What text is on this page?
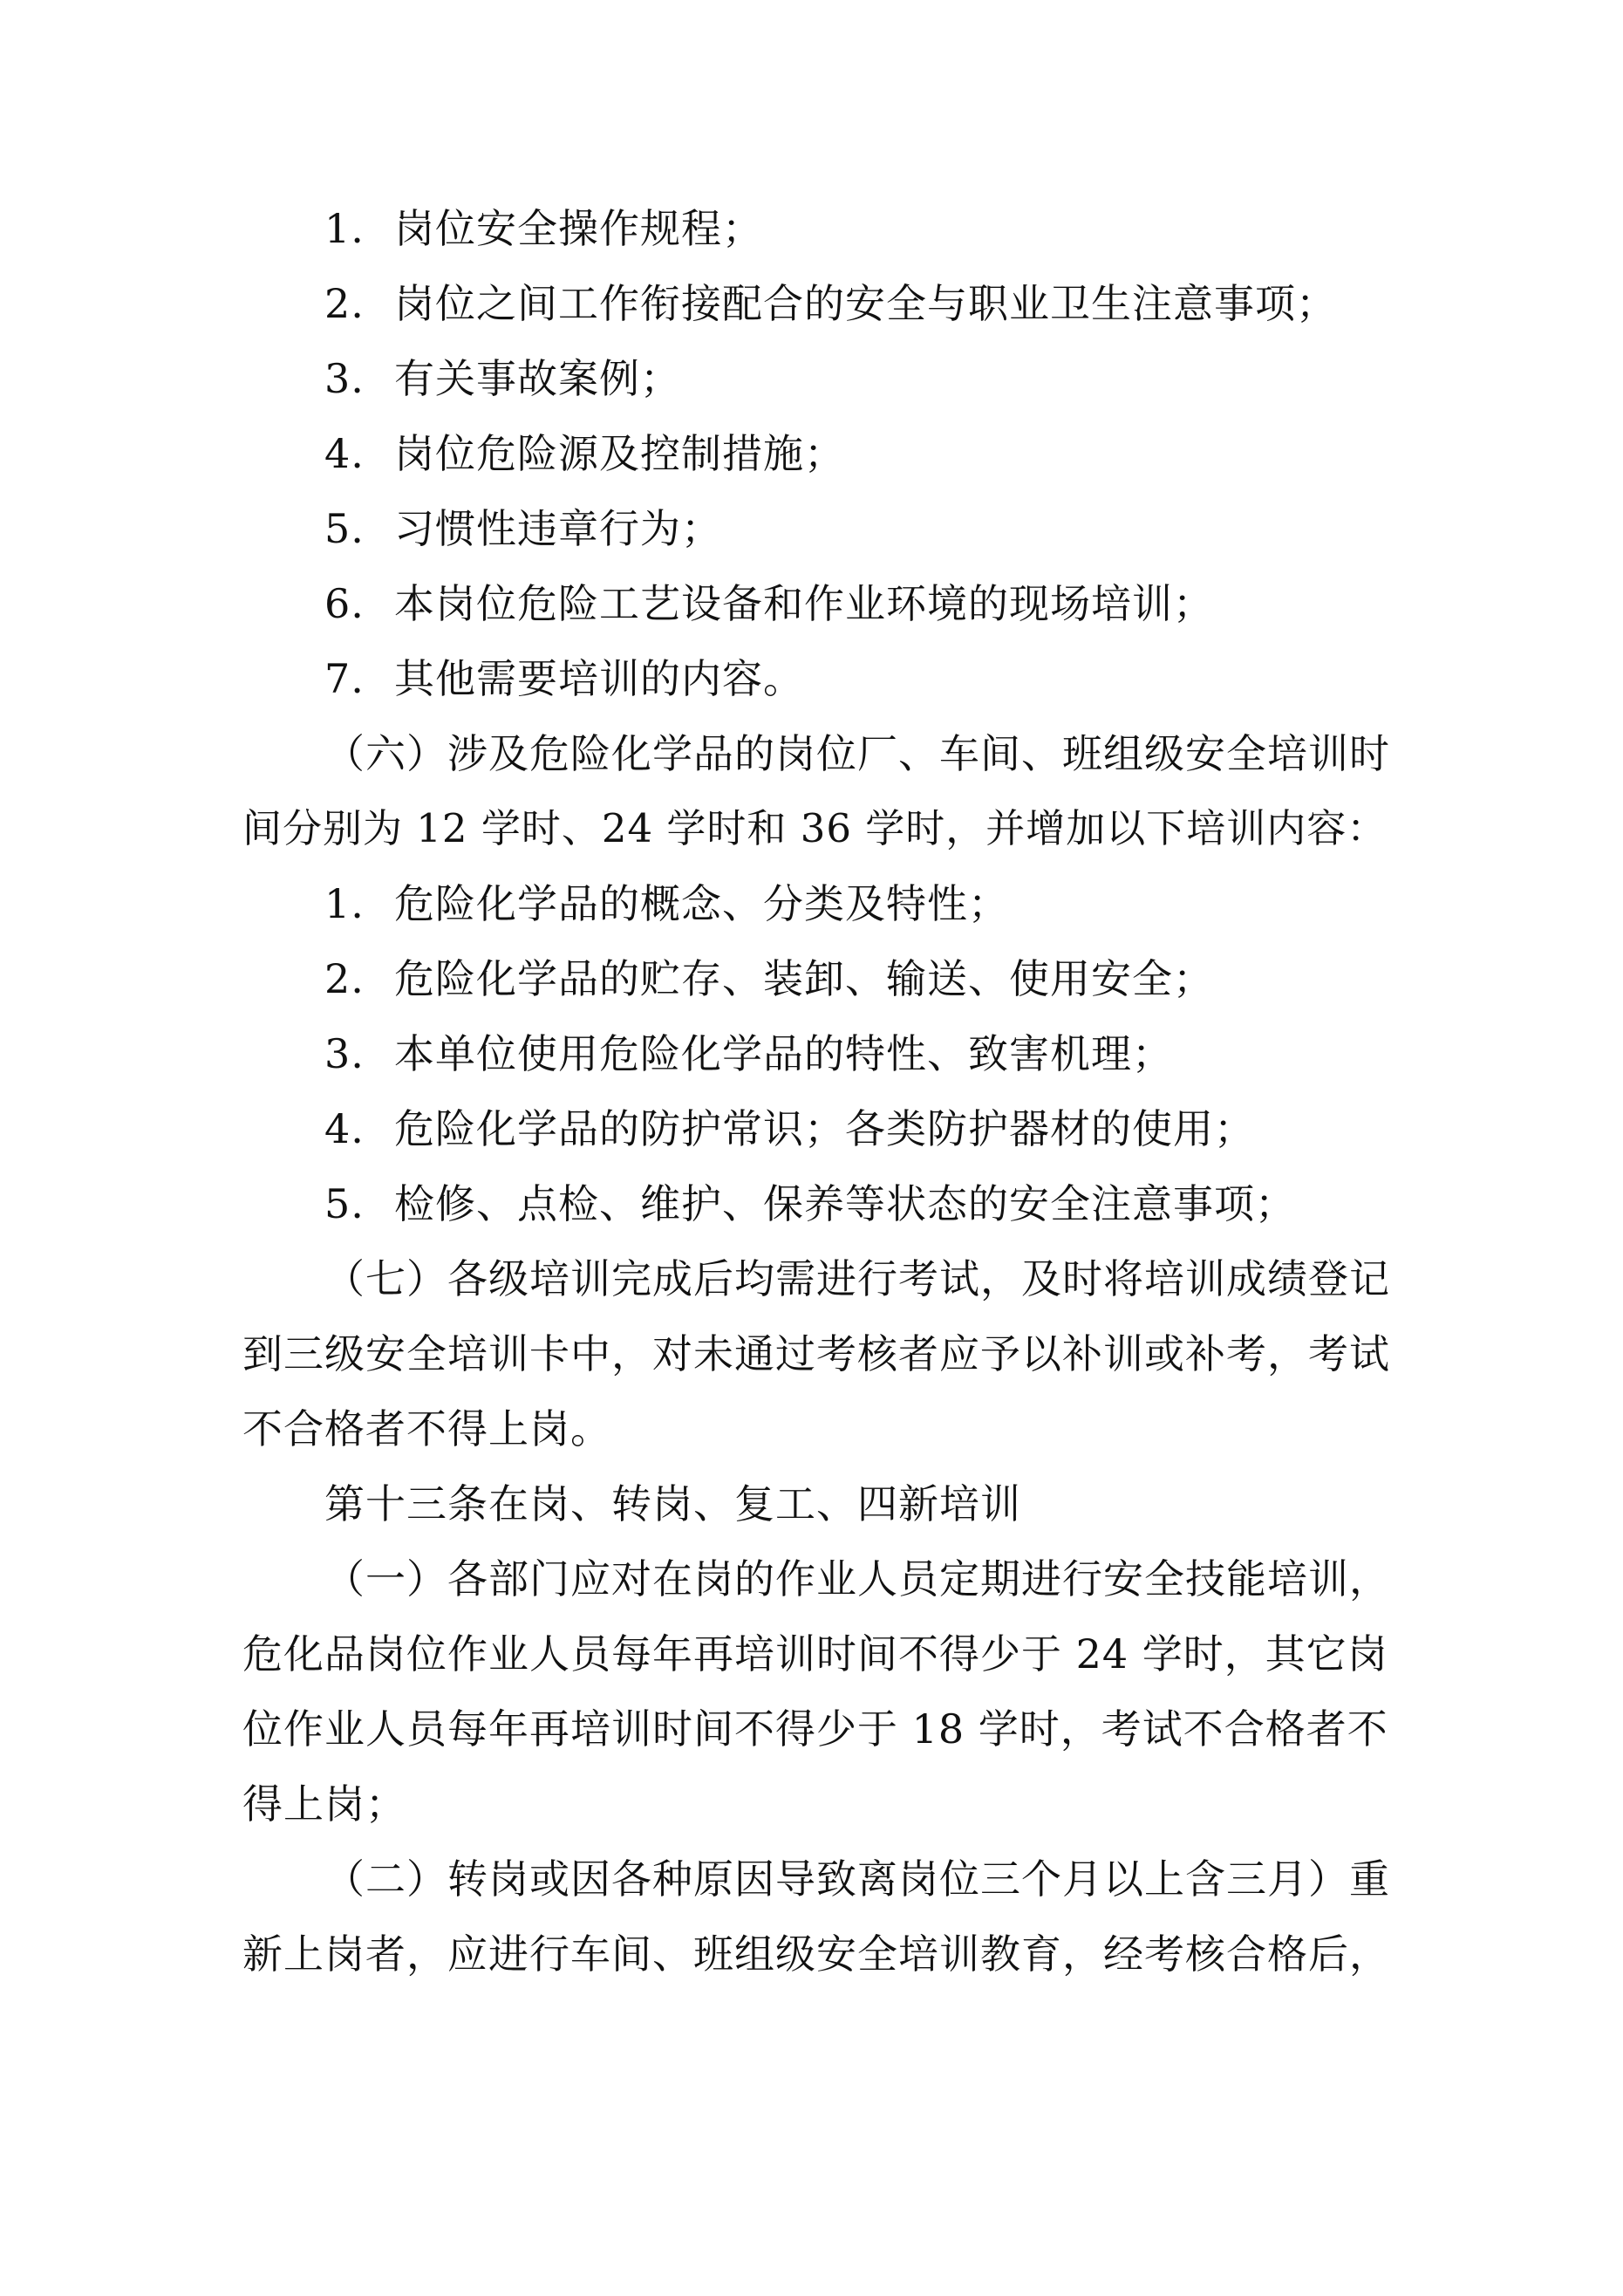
1. 岗位安全操作规程；
2. 岗位之间工作衔接配合的安全与职业卫生注意事项；
3. 有关事故案例；
4. 岗位危险源及控制措施；
5. 习惯性违章行为；
6. 本岗位危险工艺设备和作业环境的现场培训；
7. 其他需要培训的内容。
（六）涉及危险化学品的岗位厂、车间、班组级安全培训时
间分别为 12 学时、24 学时和 36 学时，并增加以下培训内容：
1. 危险化学品的概念、分类及特性；
2. 危险化学品的贮存、装卸、输送、使用安全；
3. 本单位使用危险化学品的特性、致害机理；
4. 危险化学品的防护常识；各类防护器材的使用；
5. 检修、点检、维护、保养等状态的安全注意事项；
（七）各级培训完成后均需进行考试，及时将培训成绩登记
到三级安全培训卡中，对未通过考核者应予以补训或补考，考试
不合格者不得上岗。
第十三条在岗、转岗、复工、四新培训
（一）各部门应对在岗的作业人员定期进行安全技能培训，
危化品岗位作业人员每年再培训时间不得少于 24 学时，其它岗
位作业人员每年再培训时间不得少于 18 学时，考试不合格者不
得上岗；
（二）转岗或因各种原因导致离岗位三个月以上含三月）重
新上岗者，应进行车间、班组级安全培训教育，经考核合格后，
